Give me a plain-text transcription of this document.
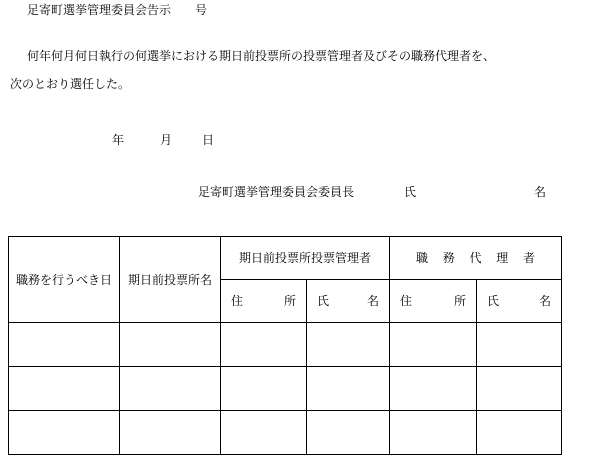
足寄町選挙管理委員会告示　　号
何年何月何日執行の何選挙における期日前投票所の投票管理者及びその職務代理者を、
次のとおり選任した。
年	月 日
足寄町選挙管理委員会委員長	氏	名
職務を行うべき日	期日前投票所名	期日前投票所投票管理者		職 務 代 理 者	

		住 所	氏 名	住 所	氏 名
